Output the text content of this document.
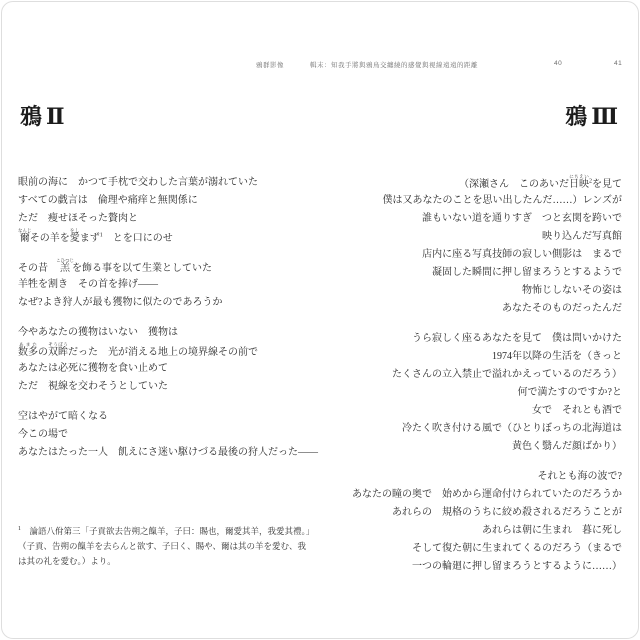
鴉群影像	輯末：知我手將與鴉鳥交纏繞的感覺與視線遠遠的距離	40	41
鴉Ⅱ
眼前の海に　かつて手枕で交わした言葉が溺れていた
すべての戯言は　倫理や痛痒と無関係に
ただ　痩せほそった贅肉と
爾なんじその羊を愛をしまず$^1$　とを口にのせ
その昔　羔こひつじを飾る事を以て生業としていた
羊牲を割き　その首を捧げ――
なぜ?よき狩人が最も獲物に似たのであろうか
今やあなたの獲物はいない　獲物は
数多あまたの双眸そうぼうだった　光が消える地上の境界線その前で
あなたは必死に獲物を食い止めて
ただ　視線を交わそうとしていた
空はやがて暗くなる
今この場で
あなたはたった一人　飢えにさ迷い駆けづる最後の狩人だった――
$^1$　論語八佾第三「子貢欲去告朔之餼羊，子曰：賜也，爾愛其羊，我愛其禮。」（子貢、告朔の餼羊を去らんと欲す、子曰く、賜や、爾は其の羊を愛む、我は其の礼を愛む。）より。
鴉Ⅲ
（深瀬さん　このあいだ日映にちえい$^2$を見て
僕は又あなたのことを思い出したんだ……）レンズが
誰もいない道を通りすぎ　つと玄関を跨いで
映り込んだ写真館
店内に座る写真技師の寂しい側影は　まるで
凝固した瞬間に押し留まろうとするようで
物怖じしないその姿は
あなたそのものだったんだ
うら寂しく座るあなたを見て　僕は問いかけた
1974年以降の生活を（きっと
たくさんの立入禁止で溢れかえっているのだろう）
何で満たすのですか?と
女で　それとも酒で
冷たく吹き付ける風で（ひとりぼっちの北海道は
黄色く翳んだ顔ばかり）
それとも海の波で?
あなたの瞳の奥で　始めから運命付けられていたのだろうか
あれらの　規格のうちに絞め殺されるだろうことが
あれらは朝に生まれ　暮に死し
そして復た朝に生まれてくるのだろう（まるで
一つの輪廻に押し留まろうとするように……）
